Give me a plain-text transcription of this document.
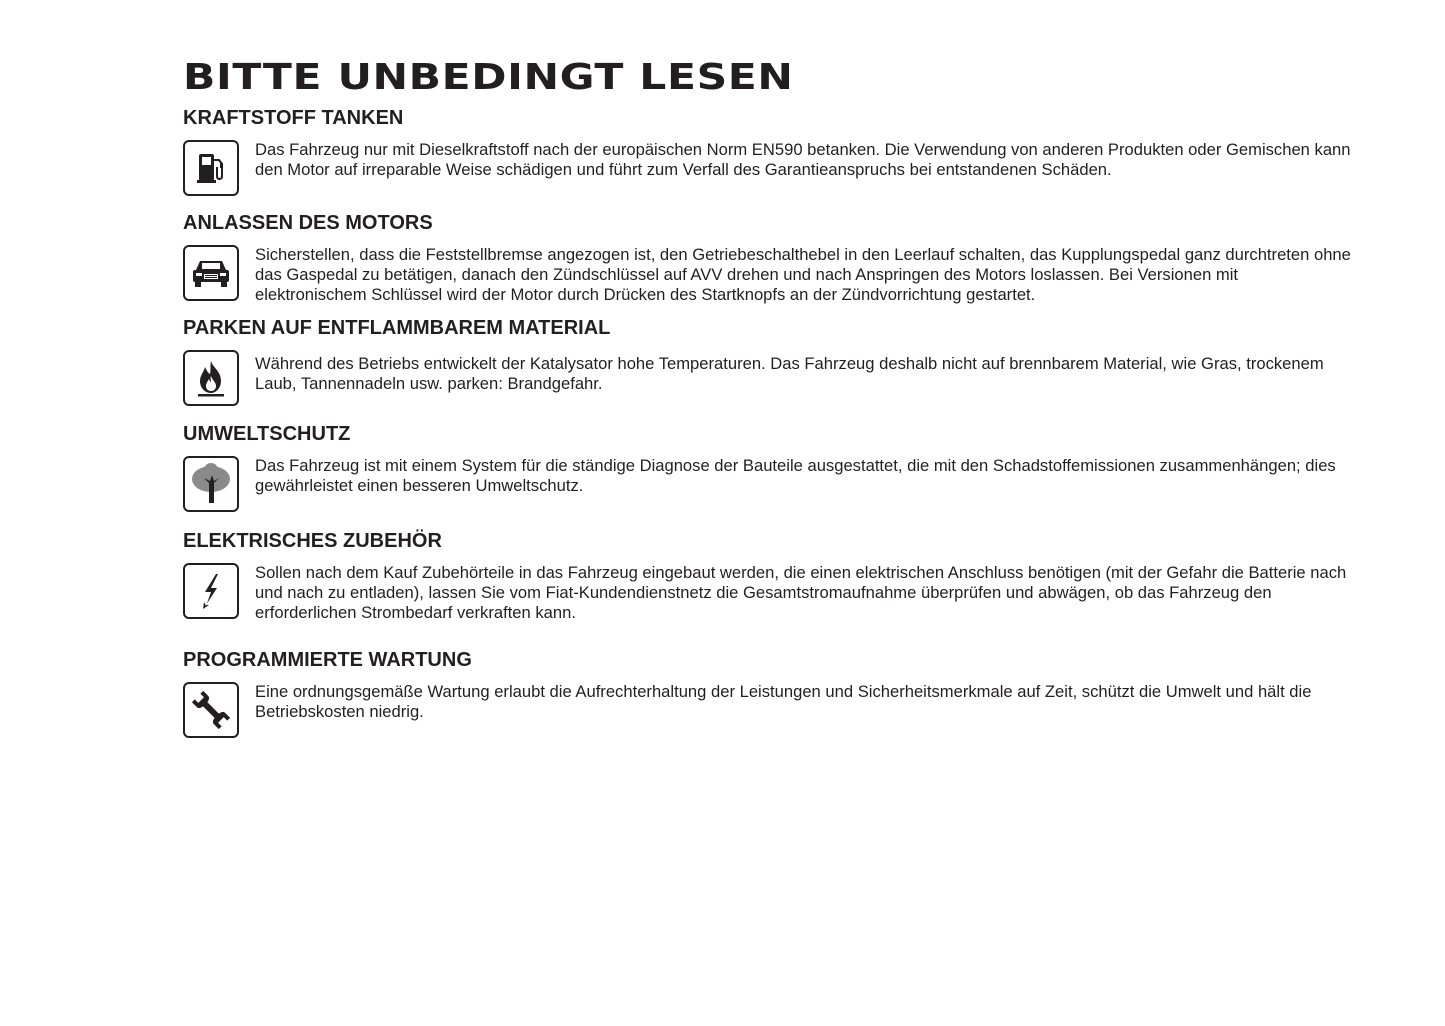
BITTE UNBEDINGT LESEN
KRAFTSTOFF TANKEN
Das Fahrzeug nur mit Dieselkraftstoff nach der europäischen Norm EN590 betanken. Die Verwendung von anderen Produkten oder Gemischen kann den Motor auf irreparable Weise schädigen und führt zum Verfall des Garantieanspruchs bei entstandenen Schäden.
ANLASSEN DES MOTORS
Sicherstellen, dass die Feststellbremse angezogen ist, den Getriebeschalthebel in den Leerlauf schalten, das Kupplungspedal ganz durchtreten ohne das Gaspedal zu betätigen, danach den Zündschlüssel auf AVV drehen und nach Anspringen des Motors loslassen. Bei Versionen mit elektronischem Schlüssel wird der Motor durch Drücken des Startknopfs an der Zündvorrichtung gestartet.
PARKEN AUF ENTFLAMMBAREM MATERIAL
Während des Betriebs entwickelt der Katalysator hohe Temperaturen. Das Fahrzeug deshalb nicht auf brennbarem Material, wie Gras, trockenem Laub, Tannennadeln usw. parken: Brandgefahr.
UMWELTSCHUTZ
Das Fahrzeug ist mit einem System für die ständige Diagnose der Bauteile ausgestattet, die mit den Schadstoffemissionen zusammenhängen; dies gewährleistet einen besseren Umweltschutz.
ELEKTRISCHES ZUBEHÖR
Sollen nach dem Kauf Zubehörteile in das Fahrzeug eingebaut werden, die einen elektrischen Anschluss benötigen (mit der Gefahr die Batterie nach und nach zu entladen), lassen Sie vom Fiat-Kundendienstnetz die Gesamtstromaufnahme überprüfen und abwägen, ob das Fahrzeug den erforderlichen Strombedarf verkraften kann.
PROGRAMMIERTE WARTUNG
Eine ordnungsgemäße Wartung erlaubt die Aufrechterhaltung der Leistungen und Sicherheitsmerkmale auf Zeit, schützt die Umwelt und hält die Betriebskosten niedrig.
